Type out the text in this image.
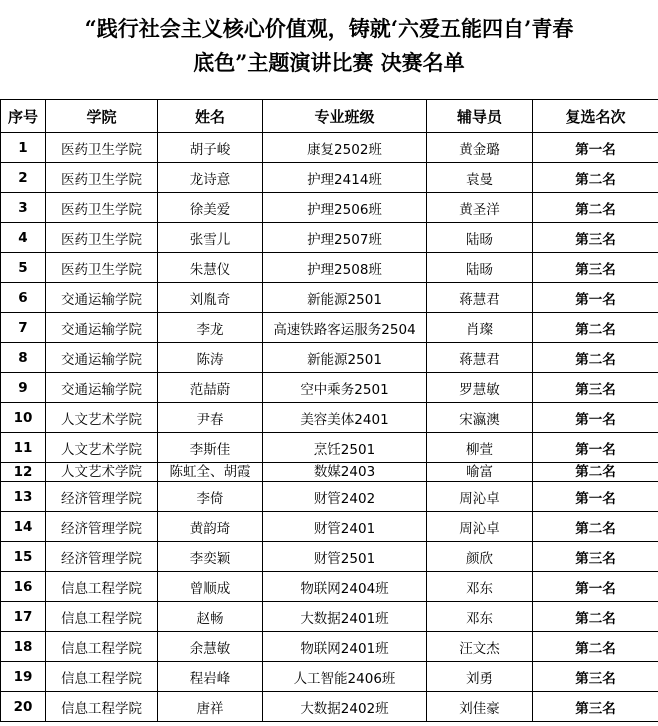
“践行社会主义核心价值观，铸就‘六爱五能四自’青春
底色”主题演讲比赛 决赛名单
序号	学院	姓名	专业班级	辅导员	复选名次
1	医药卫生学院	胡子峻	康复2502班	黄金璐	第一名
2	医药卫生学院	龙诗意	护理2414班	袁曼	第二名
3	医药卫生学院	徐美爱	护理2506班	黄圣洋	第二名
4	医药卫生学院	张雪儿	护理2507班	陆旸	第三名
5	医药卫生学院	朱慧仪	护理2508班	陆旸	第三名
6	交通运输学院	刘胤奇	新能源2501	蒋慧君	第一名
7	交通运输学院	李龙	高速铁路客运服务2504	肖璨	第二名
8	交通运输学院	陈涛	新能源2501	蒋慧君	第二名
9	交通运输学院	范喆蔚	空中乘务2501	罗慧敏	第三名
10	人文艺术学院	尹春	美容美体2401	宋瀛澳	第一名
11	人文艺术学院	李斯佳	烹饪2501	柳萱	第一名
12	人文艺术学院	陈虹全、胡霞	数媒2403	喻富	第二名
13	经济管理学院	李倚	财管2402	周沁卓	第一名
14	经济管理学院	黄韵琦	财管2401	周沁卓	第二名
15	经济管理学院	李奕颖	财管2501	颜欣	第三名
16	信息工程学院	曾顺成	物联网2404班	邓东	第一名
17	信息工程学院	赵畅	大数据2401班	邓东	第二名
18	信息工程学院	余慧敏	物联网2401班	汪文杰	第二名
19	信息工程学院	程岩峰	人工智能2406班	刘勇	第三名
20	信息工程学院	唐祥	大数据2402班	刘佳豪	第三名
